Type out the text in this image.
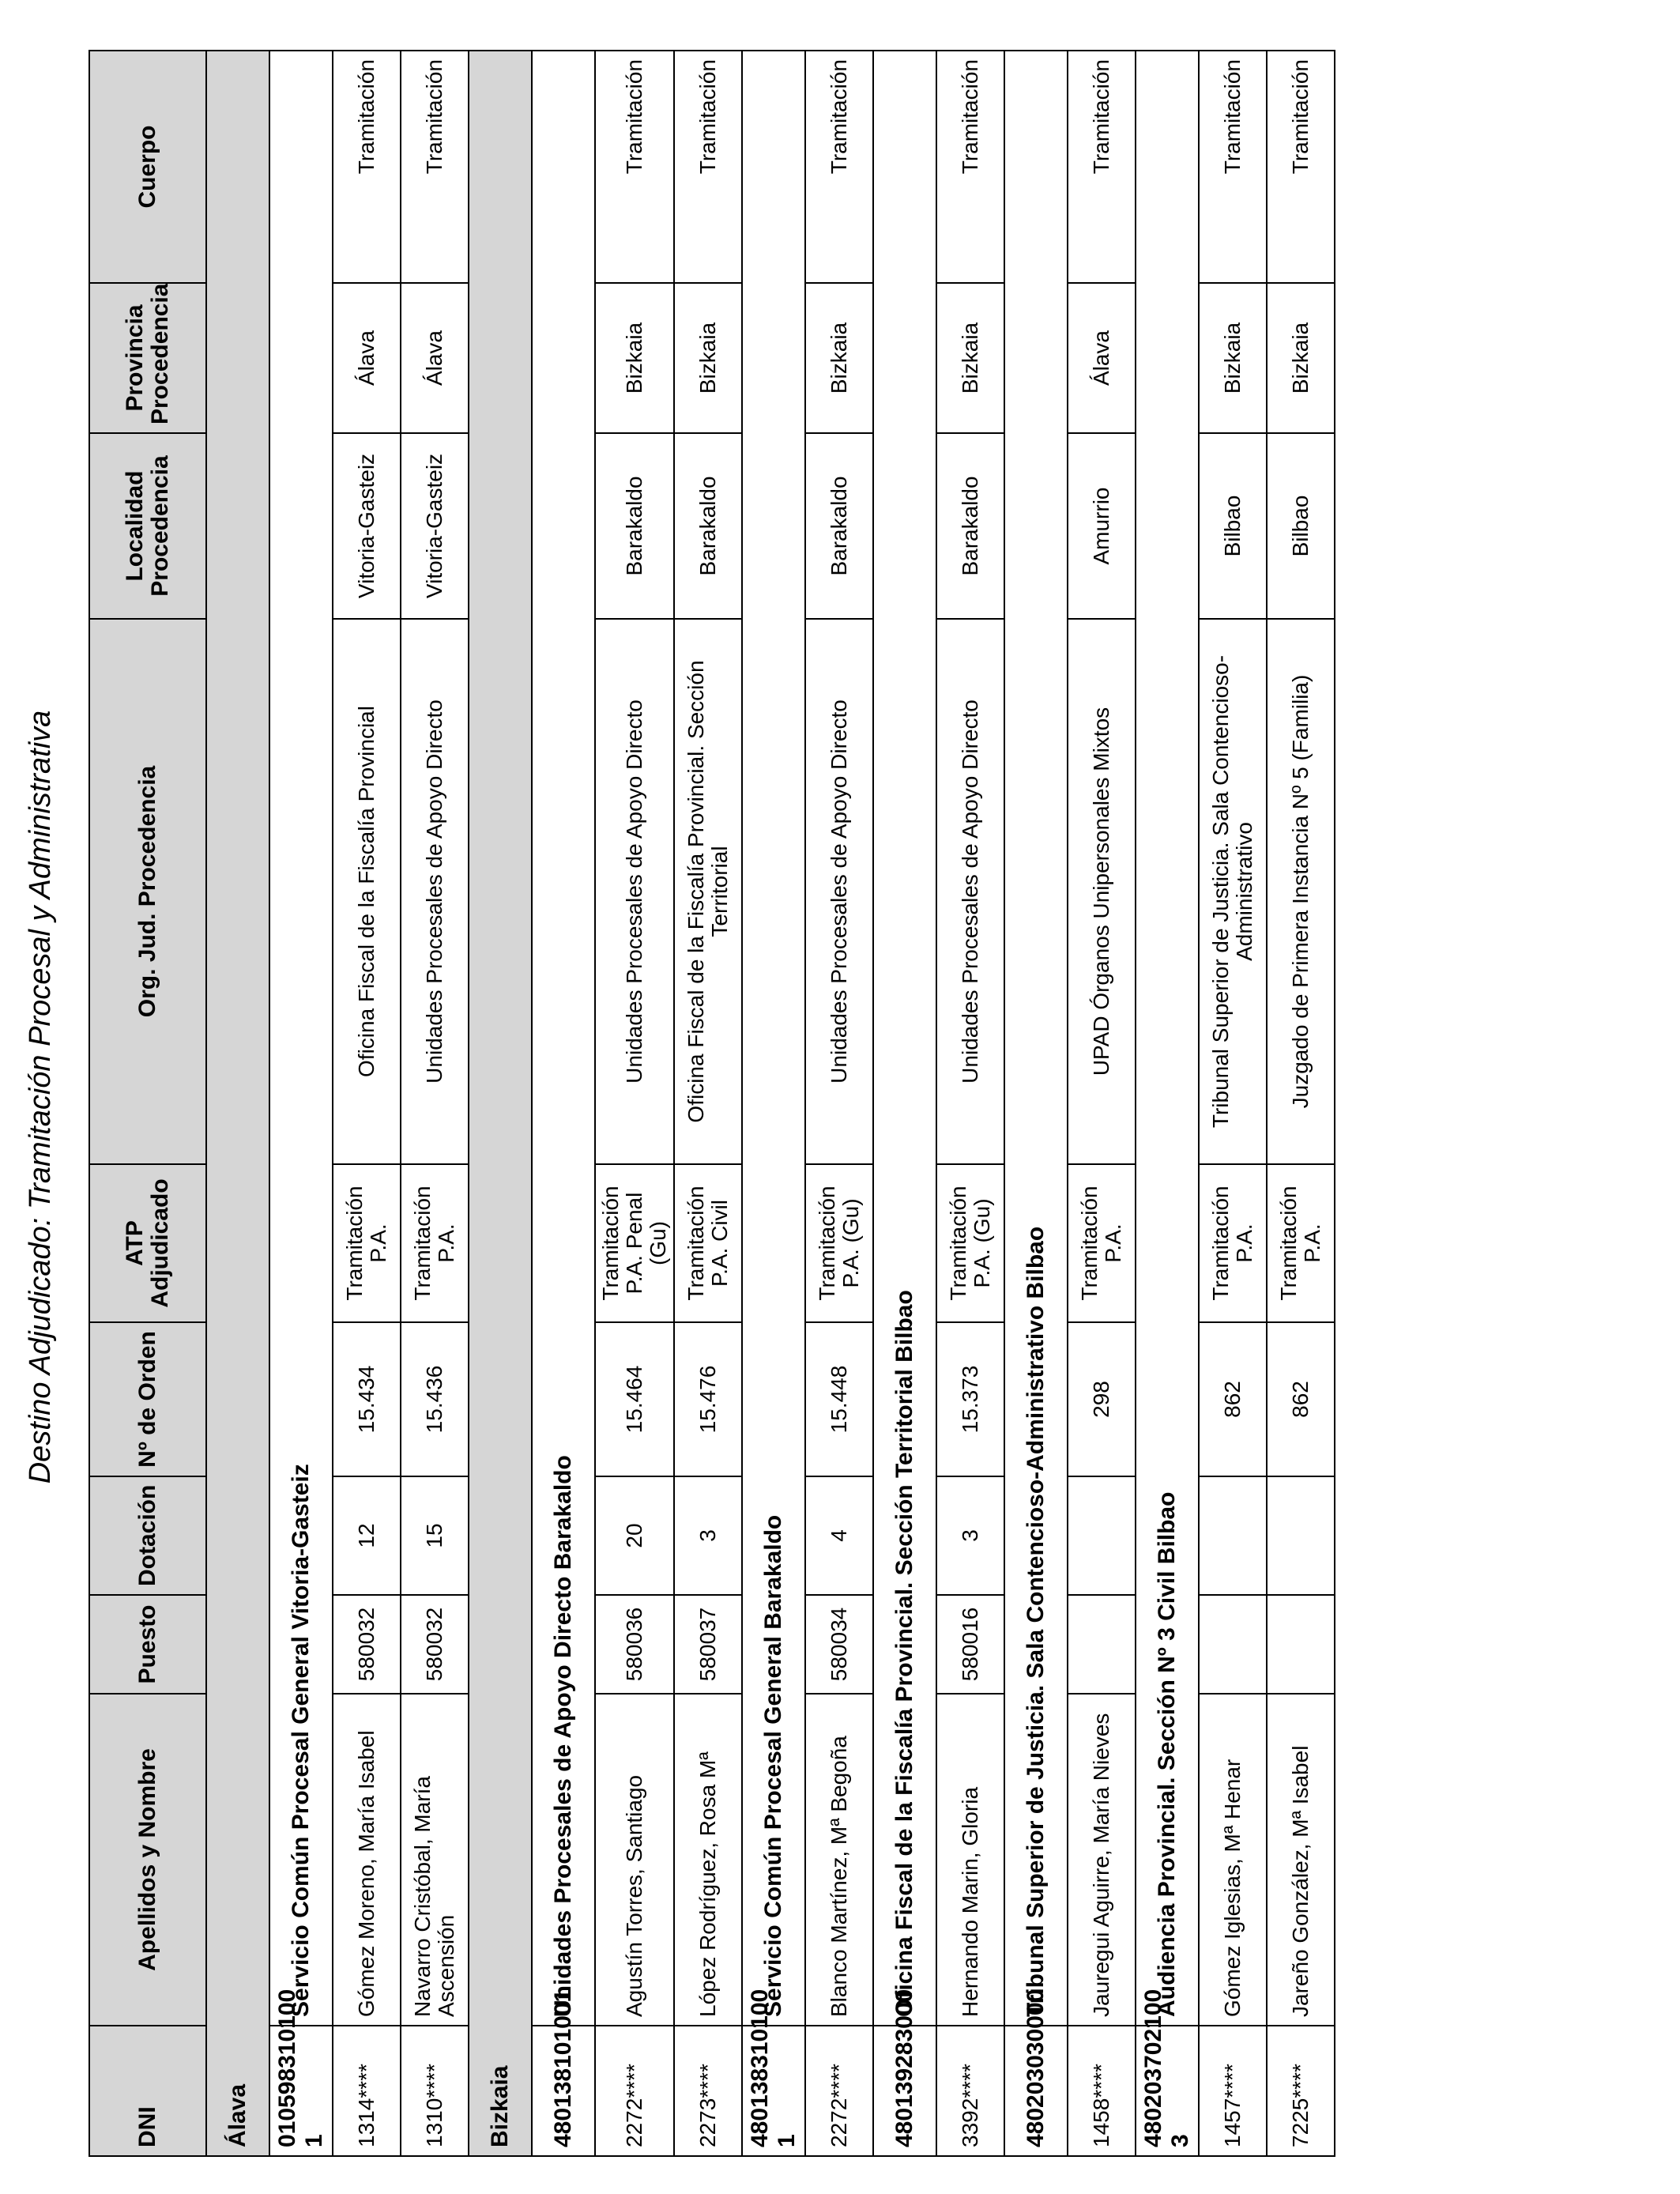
Destino Adjudicado: Tramitación Procesal y Administrativa
DNI	Apellidos y Nombre	Puesto	Dotación	Nº de Orden	ATP Adjudicado	Org. Jud. Procedencia	Localidad Procedencia	Provincia Procedencia	Cuerpo
Álava									
010598310100 1	Servicio Común Procesal General Vitoria-Gasteiz								
1314****	Gómez Moreno, María Isabel	580032	12	15.434	Tramitación P.A.	Oficina Fiscal de la Fiscalía Provincial	Vitoria-Gasteiz	Álava	Tramitación
1310****	Navarro Cristóbal, María Ascensión	580032	15	15.436	Tramitación P.A.	Unidades Procesales de Apoyo Directo	Vitoria-Gasteiz	Álava	Tramitación
Bizkaia									
480138101001	Unidades Procesales de Apoyo Directo Barakaldo								
2272****	Agustín Torres, Santiago	580036	20	15.464	Tramitación P.A. Penal (Gu)	Unidades Procesales de Apoyo Directo	Barakaldo	Bizkaia	Tramitación
2273****	López Rodríguez, Rosa Mª	580037	3	15.476	Tramitación P.A. Civil	Oficina Fiscal de la Fiscalía Provincial. Sección Territorial	Barakaldo	Bizkaia	Tramitación
480138310100 1	Servicio Común Procesal General Barakaldo								
2272****	Blanco Martínez, Mª Begoña	580034	4	15.448	Tramitación P.A. (Gu)	Unidades Procesales de Apoyo Directo	Barakaldo	Bizkaia	Tramitación
480139283000	Oficina Fiscal de la Fiscalía Provincial. Sección Territorial Bilbao								
3392****	Hernando Marin, Gloria	580016	3	15.373	Tramitación P.A. (Gu)	Unidades Procesales de Apoyo Directo	Barakaldo	Bizkaia	Tramitación
480203030000	Tribunal Superior de Justicia. Sala Contencioso-Administrativo Bilbao								
1458****	Jauregui Aguirre, María Nieves			298	Tramitación P.A.	UPAD Órganos Unipersonales Mixtos	Amurrio	Álava	Tramitación
480203702100 3	Audiencia Provincial. Sección Nº 3 Civil Bilbao								
1457****	Gómez Iglesias, Mª Henar			862	Tramitación P.A.	Tribunal Superior de Justicia. Sala Contencioso-Administrativo	Bilbao	Bizkaia	Tramitación
7225****	Jareño González, Mª Isabel			862	Tramitación P.A.	Juzgado de Primera Instancia Nº 5 (Familia)	Bilbao	Bizkaia	Tramitación
